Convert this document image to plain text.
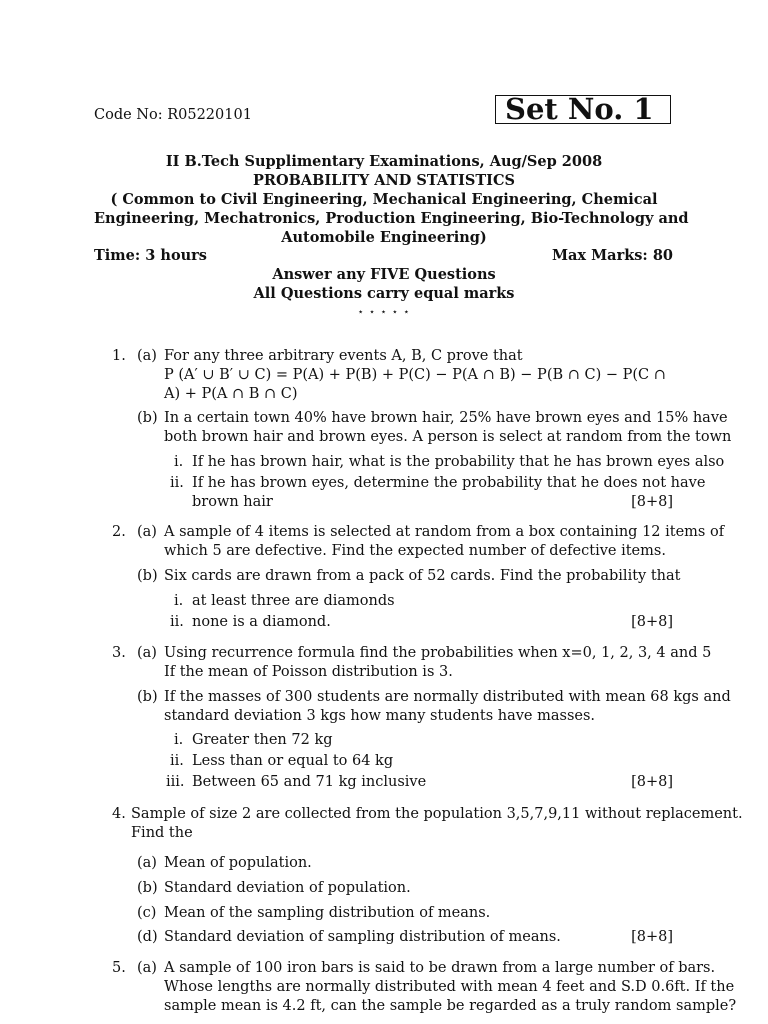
Code No: R05220101	Set No. 1
II B.Tech Supplimentary Examinations, Aug/Sep 2008
PROBABILITY AND STATISTICS
( Common to Civil Engineering, Mechanical Engineering, Chemical
Engineering, Mechatronics, Production Engineering, Bio-Technology and
Automobile Engineering)
Time: 3 hours	Max Marks: 80
Answer any FIVE Questions
All Questions carry equal marks
⋆ ⋆ ⋆ ⋆ ⋆
1. (a) For any three arbitrary events A, B, C prove that
P (A′ ∪ B′ ∪ C) = P(A) + P(B) + P(C) − P(A ∩ B) − P(B ∩ C) − P(C ∩
A) + P(A ∩ B ∩ C)
(b) In a certain town 40% have brown hair, 25% have brown eyes and 15% have
both brown hair and brown eyes. A person is select at random from the town
i. If he has brown hair, what is the probability that he has brown eyes also
ii. If he has brown eyes, determine the probability that he does not have
brown hair	[8+8]
2. (a) A sample of 4 items is selected at random from a box containing 12 items of
which 5 are defective. Find the expected number of defective items.
(b) Six cards are drawn from a pack of 52 cards. Find the probability that
i. at least three are diamonds
ii. none is a diamond.	[8+8]
3. (a) Using recurrence formula find the probabilities when x=0, 1, 2, 3, 4 and 5
If the mean of Poisson distribution is 3.
(b) If the masses of 300 students are normally distributed with mean 68 kgs and
standard deviation 3 kgs how many students have masses.
i. Greater then 72 kg
ii. Less than or equal to 64 kg
iii. Between 65 and 71 kg inclusive	[8+8]
4. Sample of size 2 are collected from the population 3,5,7,9,11 without replacement.
Find the
(a) Mean of population.
(b) Standard deviation of population.
(c) Mean of the sampling distribution of means.
(d) Standard deviation of sampling distribution of means.	[8+8]
5. (a) A sample of 100 iron bars is said to be drawn from a large number of bars.
Whose lengths are normally distributed with mean 4 feet and S.D 0.6ft. If the
sample mean is 4.2 ft, can the sample be regarded as a truly random sample?
